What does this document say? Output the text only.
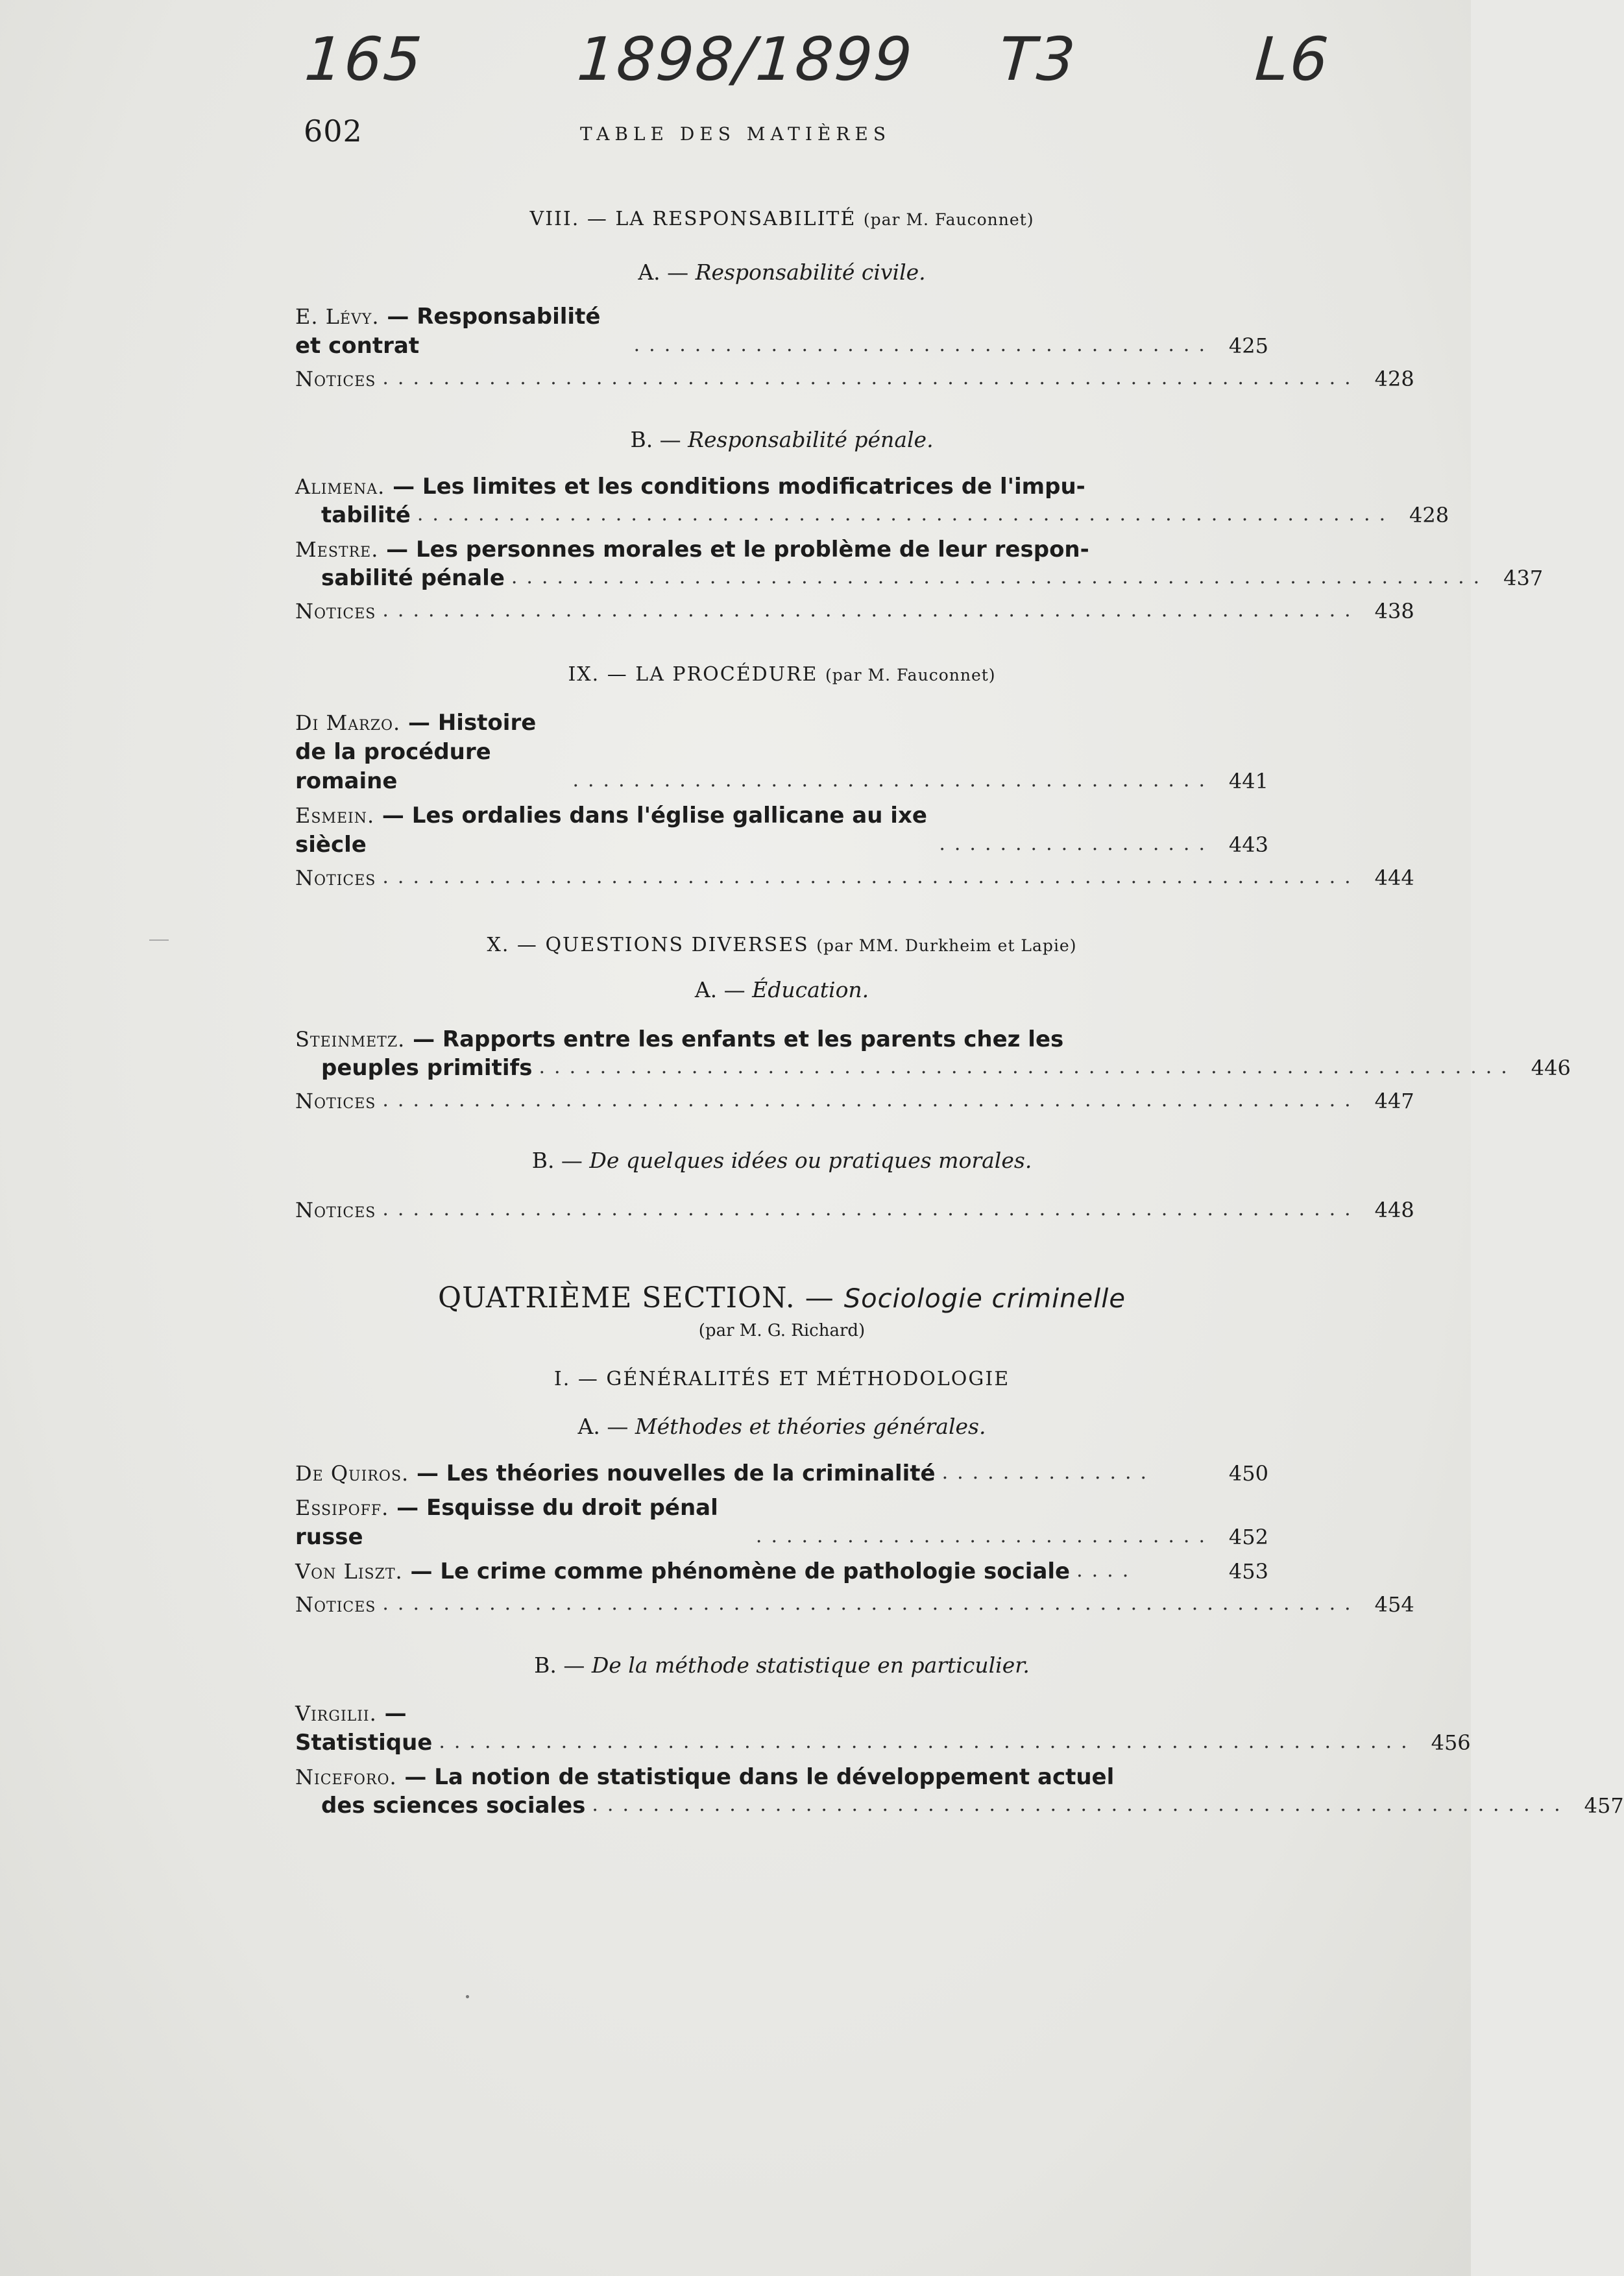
165	1898/1899 T3	L6
602	TABLE DES MATIÈRES

VIII. — LA RESPONSABILITÉ (par M. Fauconnet)

A. — Responsabilité civile.

E. Lévy. — Responsabilité et contrat	...................................... 425
Notices ................................................................ 428

B. — Responsabilité pénale.

Alimena. — Les limites et les conditions modificatrices de l'impu-
tabilité ................................................................ 428
Mestre. — Les personnes morales et le problème de leur respon-
sabilité pénale ................................................................ 437
Notices ................................................................ 438

IX. — LA PROCÉDURE (par M. Fauconnet)

Di Marzo. — Histoire de la procédure romaine	.......................................... 441
Esmein. — Les ordalies dans l'église gallicane au ixe siècle	.................. 443
Notices ................................................................ 444

X. — QUESTIONS DIVERSES (par MM. Durkheim et Lapie)

A. — Éducation.

Steinmetz. — Rapports entre les enfants et les parents chez les
peuples primitifs ................................................................ 446
Notices ................................................................ 447

B. — De quelques idées ou pratiques morales.

Notices ................................................................ 448

QUATRIÈME SECTION. — Sociologie criminelle

(par M. G. Richard)

I. — GÉNÉRALITÉS ET MÉTHODOLOGIE

A. — Méthodes et théories générales.

De Quiros. — Les théories nouvelles de la criminalité ..............	450
Essipoff. — Esquisse du droit pénal russe	.............................. 452
Von Liszt. — Le crime comme phénomène de pathologie sociale ....	453
Notices ................................................................ 454

B. — De la méthode statistique en particulier.

Virgilii. — Statistique ................................................................ 456
Niceforo. — La notion de statistique dans le développement actuel
des sciences sociales ................................................................ 457
